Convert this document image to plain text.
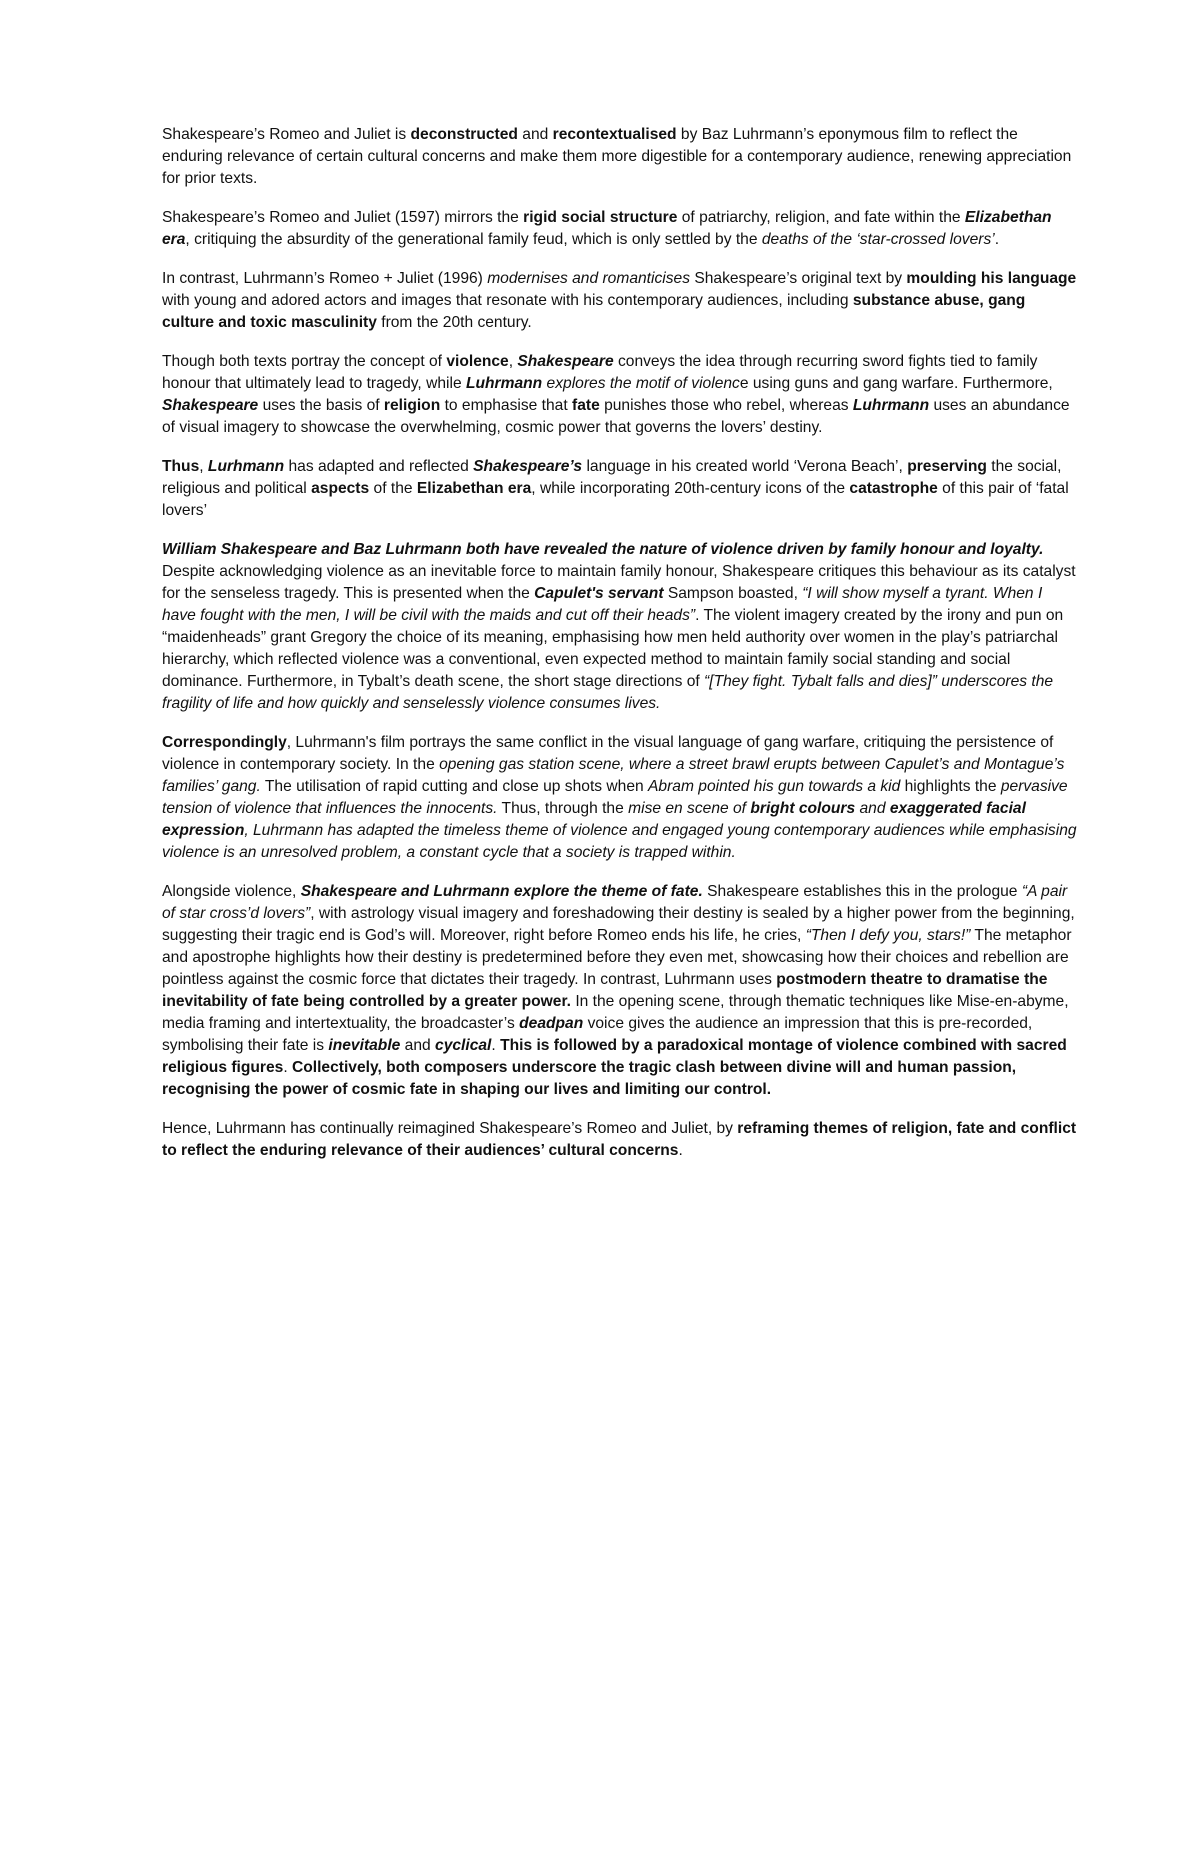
Shakespeare’s Romeo and Juliet is deconstructed and recontextualised by Baz Luhrmann’s eponymous film to reflect the enduring relevance of certain cultural concerns and make them more digestible for a contemporary audience, renewing appreciation for prior texts.

Shakespeare’s Romeo and Juliet (1597) mirrors the rigid social structure of patriarchy, religion, and fate within the Elizabethan era, critiquing the absurdity of the generational family feud, which is only settled by the deaths of the ‘star-crossed lovers’.

In contrast, Luhrmann’s Romeo + Juliet (1996) modernises and romanticises Shakespeare’s original text by moulding his language with young and adored actors and images that resonate with his contemporary audiences, including substance abuse, gang culture and toxic masculinity from the 20th century.

Though both texts portray the concept of violence, Shakespeare conveys the idea through recurring sword fights tied to family honour that ultimately lead to tragedy, while Luhrmann explores the motif of violence using guns and gang warfare. Furthermore, Shakespeare uses the basis of religion to emphasise that fate punishes those who rebel, whereas Luhrmann uses an abundance of visual imagery to showcase the overwhelming, cosmic power that governs the lovers’ destiny.

Thus, Lurhmann has adapted and reflected Shakespeare’s language in his created world ‘Verona Beach’, preserving the social, religious and political aspects of the Elizabethan era, while incorporating 20th-century icons of the catastrophe of this pair of ‘fatal lovers’

William Shakespeare and Baz Luhrmann both have revealed the nature of violence driven by family honour and loyalty. Despite acknowledging violence as an inevitable force to maintain family honour, Shakespeare critiques this behaviour as its catalyst for the senseless tragedy. This is presented when the Capulet's servant Sampson boasted, “I will show myself a tyrant. When I have fought with the men, I will be civil with the maids and cut off their heads”. The violent imagery created by the irony and pun on “maidenheads” grant Gregory the choice of its meaning, emphasising how men held authority over women in the play’s patriarchal hierarchy, which reflected violence was a conventional, even expected method to maintain family social standing and social dominance. Furthermore, in Tybalt’s death scene, the short stage directions of “[They fight. Tybalt falls and dies]” underscores the fragility of life and how quickly and senselessly violence consumes lives.

Correspondingly, Luhrmann's film portrays the same conflict in the visual language of gang warfare, critiquing the persistence of violence in contemporary society. In the opening gas station scene, where a street brawl erupts between Capulet’s and Montague’s families’ gang. The utilisation of rapid cutting and close up shots when Abram pointed his gun towards a kid highlights the pervasive tension of violence that influences the innocents. Thus, through the mise en scene of bright colours and exaggerated facial expression, Luhrmann has adapted the timeless theme of violence and engaged young contemporary audiences while emphasising violence is an unresolved problem, a constant cycle that a society is trapped within.

Alongside violence, Shakespeare and Luhrmann explore the theme of fate. Shakespeare establishes this in the prologue “A pair of star cross’d lovers”, with astrology visual imagery and foreshadowing their destiny is sealed by a higher power from the beginning, suggesting their tragic end is God’s will. Moreover, right before Romeo ends his life, he cries, “Then I defy you, stars!” The metaphor and apostrophe highlights how their destiny is predetermined before they even met, showcasing how their choices and rebellion are pointless against the cosmic force that dictates their tragedy. In contrast, Luhrmann uses postmodern theatre to dramatise the inevitability of fate being controlled by a greater power. In the opening scene, through thematic techniques like Mise-en-abyme, media framing and intertextuality, the broadcaster’s deadpan voice gives the audience an impression that this is pre-recorded, symbolising their fate is inevitable and cyclical. This is followed by a paradoxical montage of violence combined with sacred religious figures. Collectively, both composers underscore the tragic clash between divine will and human passion, recognising the power of cosmic fate in shaping our lives and limiting our control.

Hence, Luhrmann has continually reimagined Shakespeare’s Romeo and Juliet, by reframing themes of religion, fate and conflict to reflect the enduring relevance of their audiences’ cultural concerns.
